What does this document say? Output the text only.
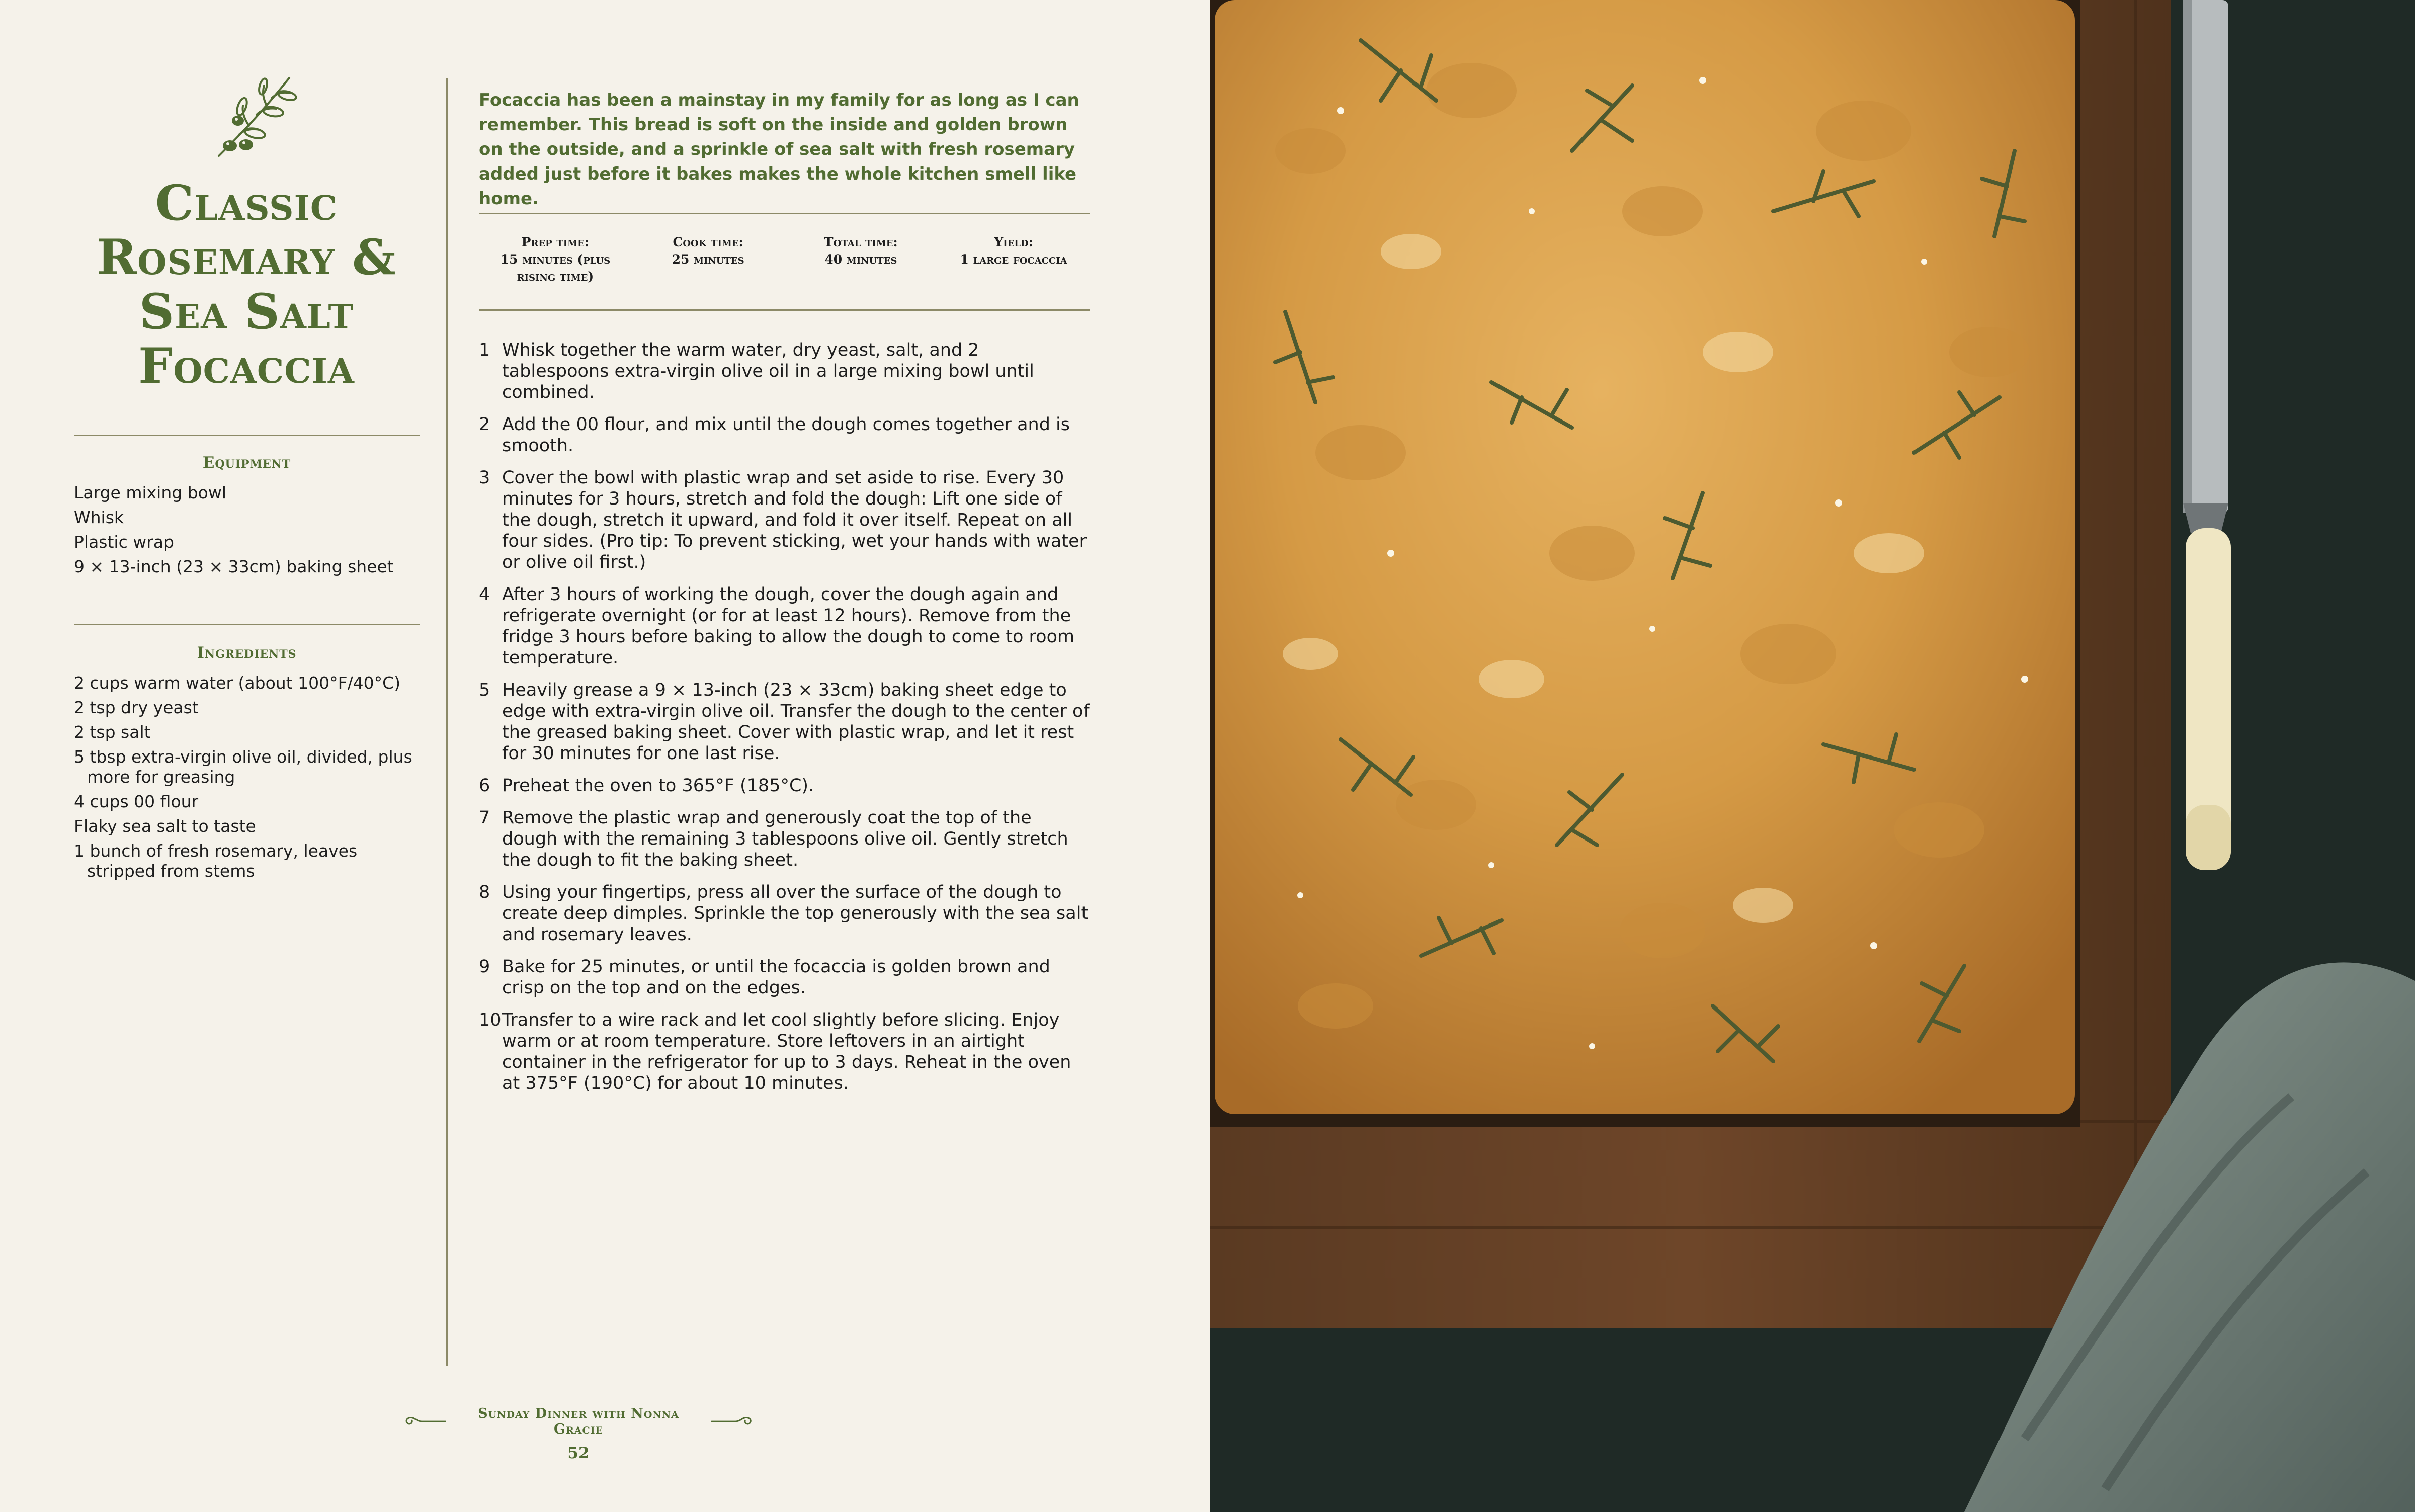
Classic Rosemary & Sea Salt Focaccia
Equipment
Large mixing bowl
Whisk
Plastic wrap
9 × 13-inch (23 × 33cm) baking sheet
Ingredients
2 cups warm water (about 100°F/40°C)
2 tsp dry yeast
2 tsp salt
5 tbsp extra-virgin olive oil, divided, plus more for greasing
4 cups 00 flour
Flaky sea salt to taste
1 bunch of fresh rosemary, leaves stripped from stems
Focaccia has been a mainstay in my family for as long as I can remember. This bread is soft on the inside and golden brown on the outside, and a sprinkle of sea salt with fresh rosemary added just before it bakes makes the whole kitchen smell like home.
Prep time:
15 minutes (plus rising time)
Cook time:
25 minutes
Total time:
40 minutes
Yield:
1 large focaccia
1 Whisk together the warm water, dry yeast, salt, and 2 tablespoons extra-virgin olive oil in a large mixing bowl until combined.
2 Add the 00 flour, and mix until the dough comes together and is smooth.
3 Cover the bowl with plastic wrap and set aside to rise. Every 30 minutes for 3 hours, stretch and fold the dough: Lift one side of the dough, stretch it upward, and fold it over itself. Repeat on all four sides. (Pro tip: To prevent sticking, wet your hands with water or olive oil first.)
4 After 3 hours of working the dough, cover the dough again and refrigerate overnight (or for at least 12 hours). Remove from the fridge 3 hours before baking to allow the dough to come to room temperature.
5 Heavily grease a 9 × 13-inch (23 × 33cm) baking sheet edge to edge with extra-virgin olive oil. Transfer the dough to the center of the greased baking sheet. Cover with plastic wrap, and let it rest for 30 minutes for one last rise.
6 Preheat the oven to 365°F (185°C).
7 Remove the plastic wrap and generously coat the top of the dough with the remaining 3 tablespoons olive oil. Gently stretch the dough to fit the baking sheet.
8 Using your fingertips, press all over the surface of the dough to create deep dimples. Sprinkle the top generously with the sea salt and rosemary leaves.
9 Bake for 25 minutes, or until the focaccia is golden brown and crisp on the top and on the edges.
10 Transfer to a wire rack and let cool slightly before slicing. Enjoy warm or at room temperature. Store leftovers in an airtight container in the refrigerator for up to 3 days. Reheat in the oven at 375°F (190°C) for about 10 minutes.
Sunday Dinner with Nonna Gracie
52
